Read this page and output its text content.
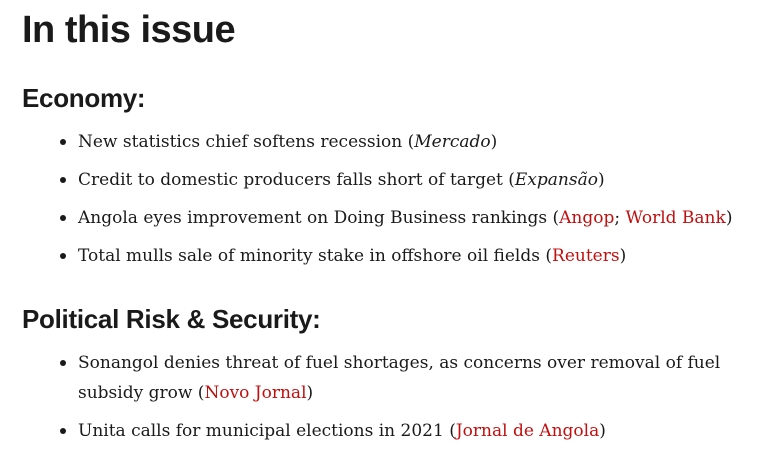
In this issue
Economy:
New statistics chief softens recession (Mercado)
Credit to domestic producers falls short of target (Expansão)
Angola eyes improvement on Doing Business rankings (Angop; World Bank)
Total mulls sale of minority stake in offshore oil fields (Reuters)
Political Risk & Security:
Sonangol denies threat of fuel shortages, as concerns over removal of fuel subsidy grow (Novo Jornal)
Unita calls for municipal elections in 2021 (Jornal de Angola)
